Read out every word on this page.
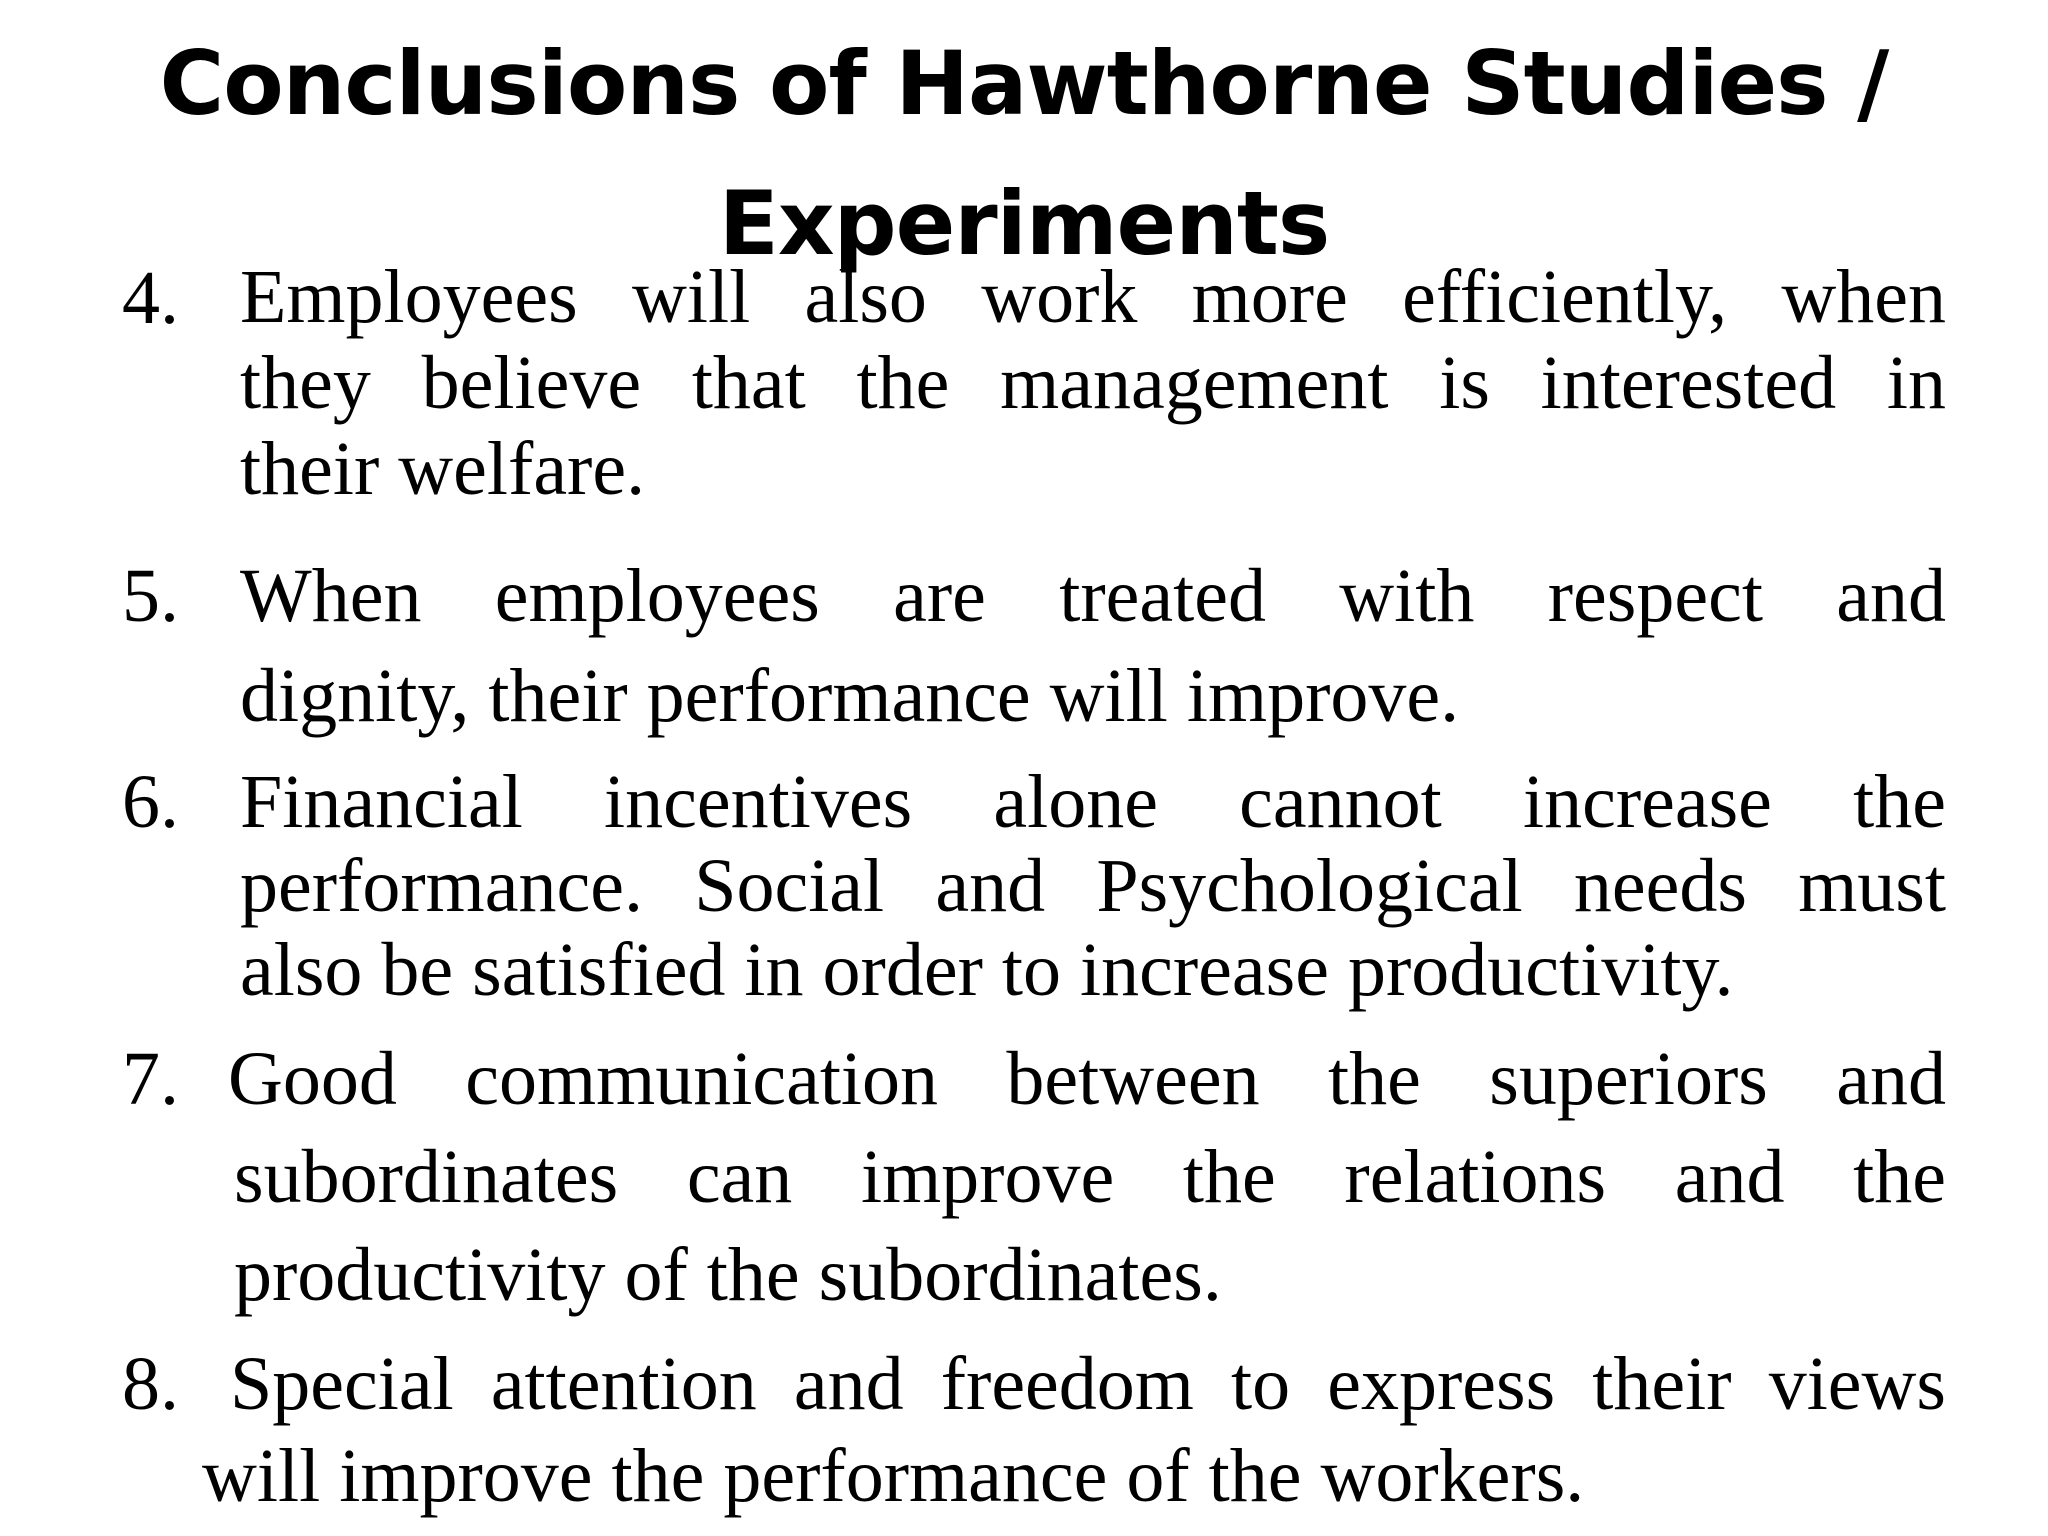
Conclusions of Hawthorne Studies /
Experiments
4. Employees will also work more efficiently, when
they believe that the management is interested in
their welfare.
5. When employees are treated with respect and
dignity, their performance will improve.
6. Financial incentives alone cannot increase the
performance. Social and Psychological needs must
also be satisfied in order to increase productivity.
7. Good communication between the superiors and
subordinates can improve the relations and the
productivity of the subordinates.
8. Special attention and freedom to express their views
will improve the performance of the workers.
